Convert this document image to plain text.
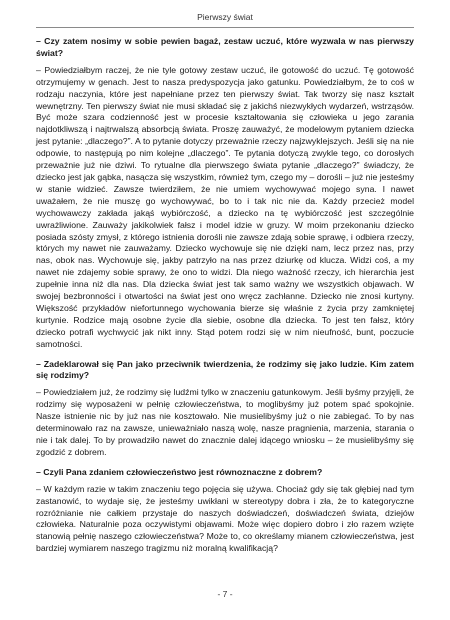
Pierwszy świat

– Czy zatem nosimy w sobie pewien bagaż, zestaw uczuć, które wyzwala w nas pierwszy świat?

– Powiedziałbym raczej, że nie tyle gotowy zestaw uczuć, ile gotowość do uczuć. Tę gotowość otrzymujemy w genach. Jest to nasza predyspozycja jako gatunku. Powiedziałbym, że to coś w rodzaju naczynia, które jest napełniane przez ten pierwszy świat. Tak tworzy się nasz kształt wewnętrzny. Ten pierwszy świat nie musi składać się z jakichś niezwykłych wydarzeń, wstrząsów. Być może szara codzienność jest w procesie kształtowania się człowieka u jego zarania najdotkliwszą i najtrwalszą absorbcją świata. Proszę zauważyć, że modelowym pytaniem dziecka jest pytanie: „dlaczego?”. A to pytanie dotyczy przeważnie rzeczy najzwyklejszych. Jeśli się na nie odpowie, to następują po nim kolejne „dlaczego”. Te pytania dotyczą zwykle tego, co dorosłych przeważnie już nie dziwi. To rytualne dla pierwszego świata pytanie „dlaczego?” świadczy, że dziecko jest jak gąbka, nasącza się wszystkim, również tym, czego my – dorośli – już nie jesteśmy w stanie widzieć. Zawsze twierdziłem, że nie umiem wychowywać mojego syna. I nawet uważałem, że nie muszę go wychowywać, bo to i tak nic nie da. Każdy przecież model wychowawczy zakłada jakąś wybiórczość, a dziecko na tę wybiórczość jest szczególnie uwrażliwione. Zauważy jakikolwiek fałsz i model idzie w gruzy. W moim przekonaniu dziecko posiada szósty zmysł, z którego istnienia dorośli nie zawsze zdają sobie sprawę, i odbiera rzeczy, których my nawet nie zauważamy. Dziecko wychowuje się nie dzięki nam, lecz przez nas, przy nas, obok nas. Wychowuje się, jakby patrzyło na nas przez dziurkę od klucza. Widzi coś, a my nawet nie zdajemy sobie sprawy, że ono to widzi. Dla niego ważność rzeczy, ich hierarchia jest zupełnie inna niż dla nas. Dla dziecka świat jest tak samo ważny we wszystkich objawach. W swojej bezbronności i otwartości na świat jest ono wręcz zachłanne. Dziecko nie znosi kurtyny. Większość przykładów niefortunnego wychowania bierze się właśnie z życia przy zamkniętej kurtynie. Rodzice mają osobne życie dla siebie, osobne dla dziecka. To jest ten fałsz, który dziecko potrafi wychwycić jak nikt inny. Stąd potem rodzi się w nim nieufność, bunt, poczucie samotności.

– Zadeklarował się Pan jako przeciwnik twierdzenia, że rodzimy się jako ludzie. Kim zatem się rodzimy?

– Powiedziałem już, że rodzimy się ludźmi tylko w znaczeniu gatunkowym. Jeśli byśmy przyjęli, że rodzimy się wyposażeni w pełnię człowieczeństwa, to moglibyśmy już potem spać spokojnie. Nasze istnienie nic by już nas nie kosztowało. Nie musielibyśmy już o nie zabiegać. To by nas determinowało raz na zawsze, unieważniało naszą wolę, nasze pragnienia, marzenia, starania o nie i tak dalej. To by prowadziło nawet do znacznie dalej idącego wniosku – że musielibyśmy się zgodzić z dobrem.

– Czyli Pana zdaniem człowieczeństwo jest równoznaczne z dobrem?

– W każdym razie w takim znaczeniu tego pojęcia się używa. Chociaż gdy się tak głębiej nad tym zastanowić, to wydaje się, że jesteśmy uwikłani w stereotypy dobra i zła, że to kategoryczne rozróżnianie nie całkiem przystaje do naszych doświadczeń, doświadczeń świata, dziejów człowieka. Naturalnie poza oczywistymi objawami. Może więc dopiero dobro i zło razem wzięte stanowią pełnię naszego człowieczeństwa? Może to, co określamy mianem człowieczeństwa, jest bardziej wymiarem naszego tragizmu niż moralną kwalifikacją?

- 7 -
